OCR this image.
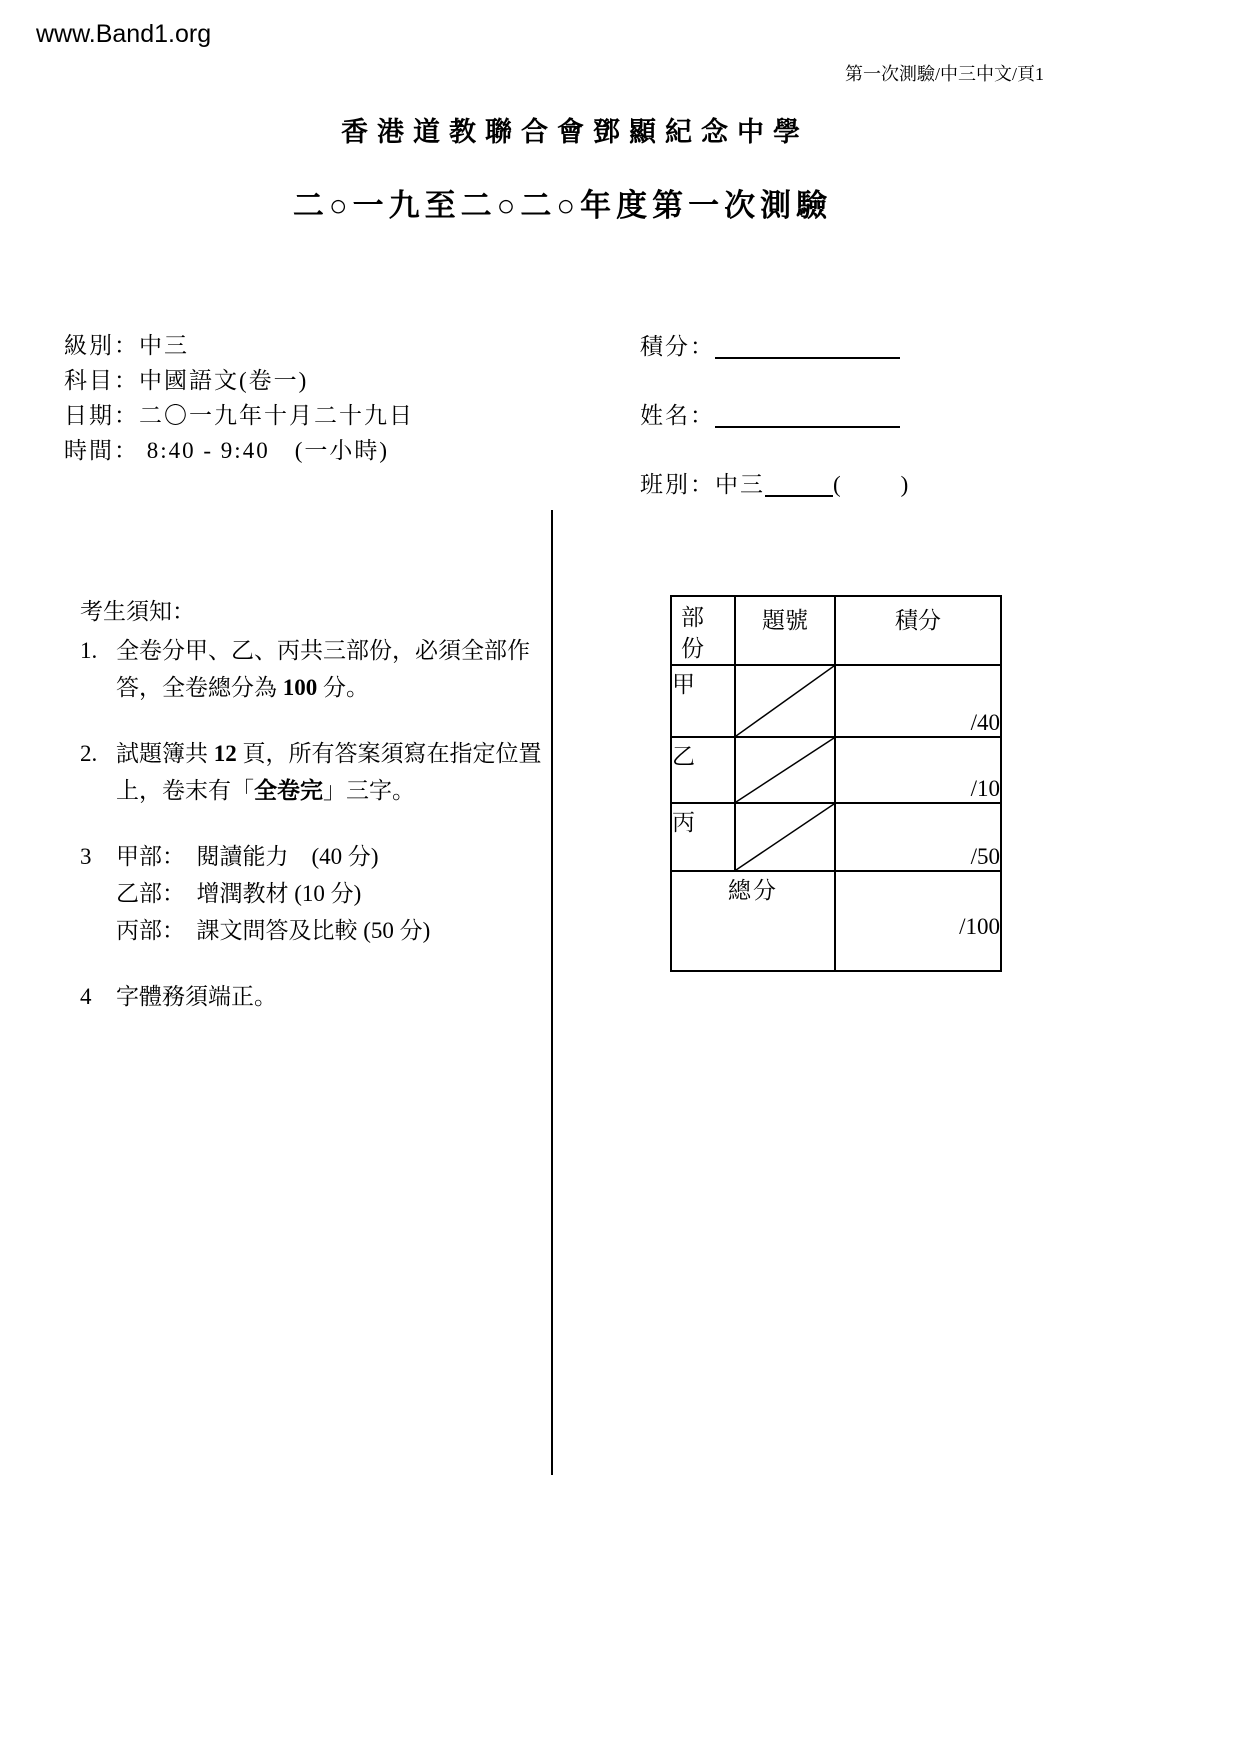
www.Band1.org
第一次測驗/中三中文/頁1
香港道教聯合會鄧顯紀念中學
二○一九至二○二○年度第一次測驗
級別：中三
科目：中國語文(卷一)
日期：二〇一九年十月二十九日
時間： 8:40 - 9:40　(一小時)
積分：
姓名：
班別：中三	(	)
考生須知：
1. 全卷分甲、乙、丙共三部份，必須全部作答，全卷總分為 100 分。
2. 試題簿共 12 頁，所有答案須寫在指定位置上，卷末有「全卷完」三字。
3	甲部：　閱讀能力　(40 分)
乙部：　增潤教材 (10 分)
丙部：　課文問答及比較 (50 分)
4	字體務須端正。
部份	題號	積分
甲		/40
乙		/10
丙		/50
總分		/100
